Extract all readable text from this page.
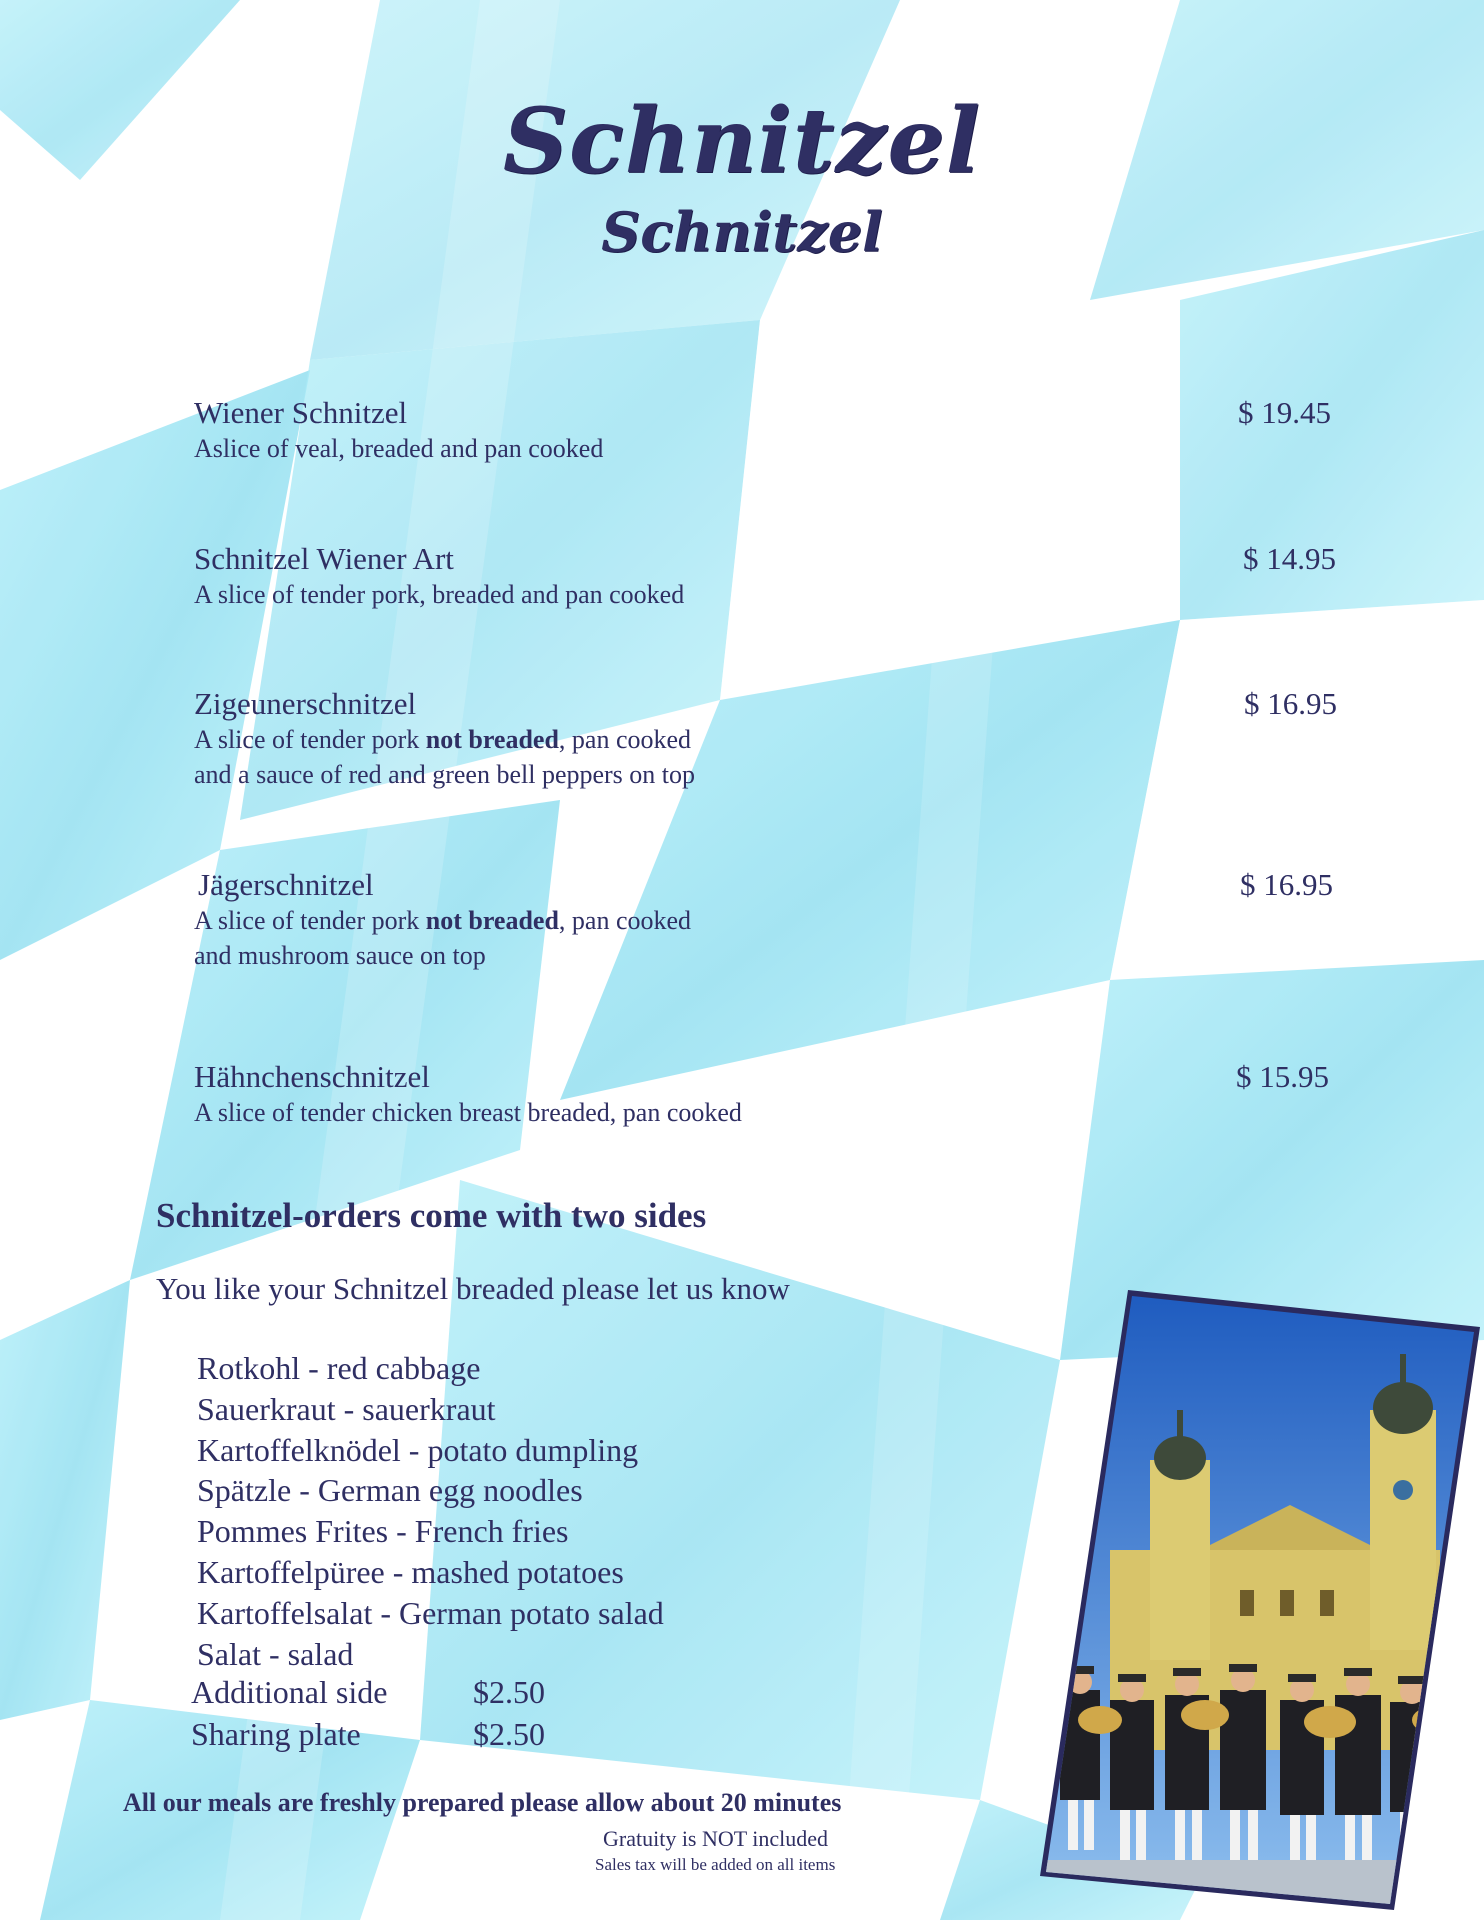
Schnitzel
Schnitzel
Wiener Schnitzel
Aslice of veal, breaded and pan cooked
$ 19.45
Schnitzel Wiener Art
A slice of tender pork, breaded and pan cooked
$ 14.95
Zigeunerschnitzel
A slice of tender pork not breaded, pan cooked
and a sauce of red and green bell peppers on top
$ 16.95
Jägerschnitzel
A slice of tender pork not breaded, pan cooked
and mushroom sauce on top
$ 16.95
Hähnchenschnitzel
A slice of tender chicken breast breaded, pan cooked
$ 15.95
Schnitzel-orders come with two sides
You like your Schnitzel breaded please let us know
Rotkohl - red cabbage
Sauerkraut - sauerkraut
Kartoffelknödel - potato dumpling
Spätzle - German egg noodles
Pommes Frites - French fries
Kartoffelpüree - mashed potatoes
Kartoffelsalat - German potato salad
Salat - salad
Additional side	$2.50
Sharing plate	$2.50
All our meals are freshly prepared please allow about 20 minutes
Gratuity is NOT included
Sales tax will be added on all items
